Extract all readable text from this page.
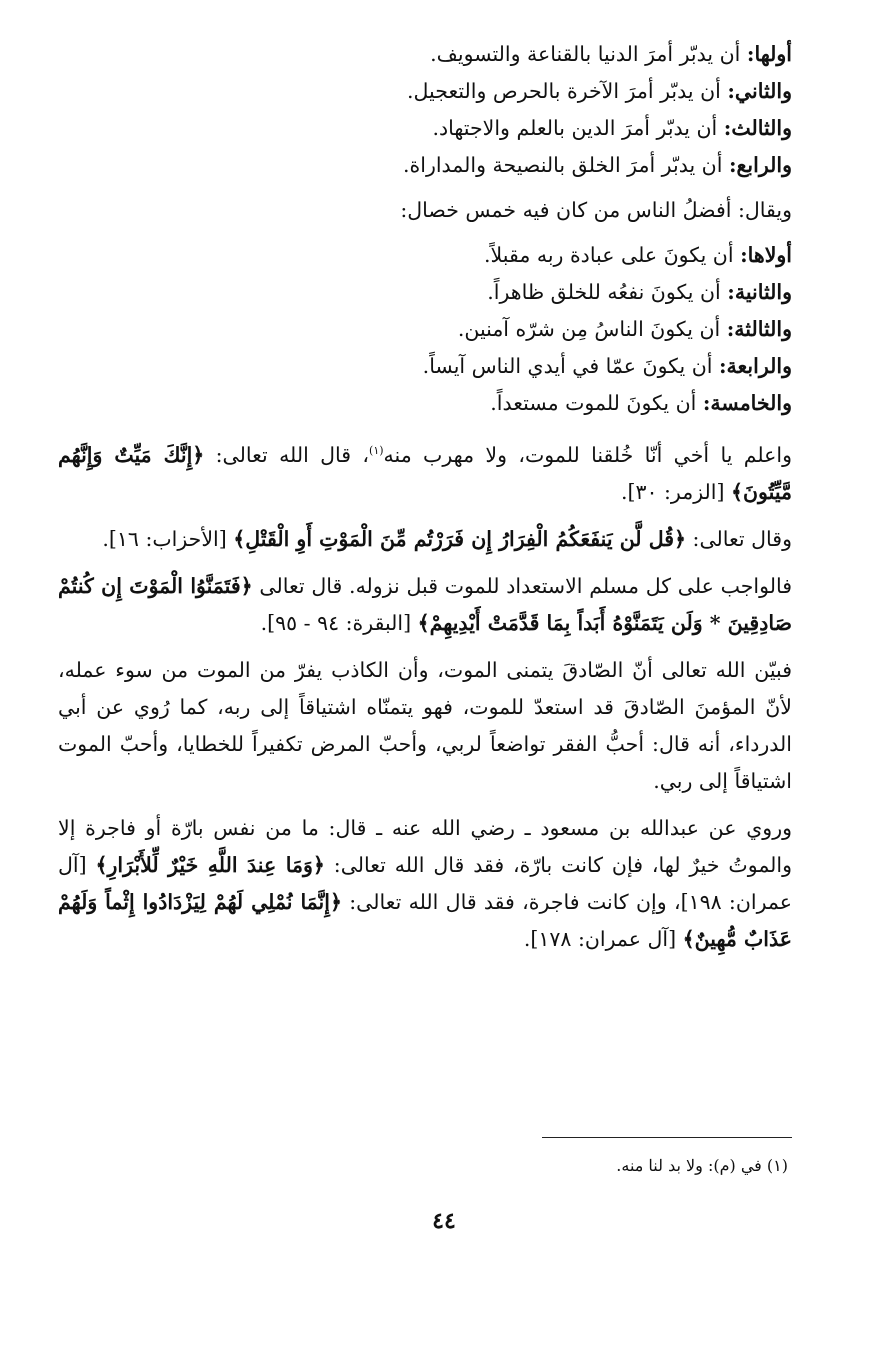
أولها: أن يدبّر أمرَ الدنيا بالقناعة والتسويف.
والثاني: أن يدبّر أمرَ الآخرة بالحرص والتعجيل.
والثالث: أن يدبّر أمرَ الدين بالعلم والاجتهاد.
والرابع: أن يدبّر أمرَ الخلق بالنصيحة والمداراة.
ويقال: أفضلُ الناس من كان فيه خمس خصال:
أولاها: أن يكونَ على عبادة ربه مقبلاً.
والثانية: أن يكونَ نفعُه للخلق ظاهراً.
والثالثة: أن يكونَ الناسُ مِن شرّه آمنين.
والرابعة: أن يكونَ عمّا في أيدي الناس آيساً.
والخامسة: أن يكونَ للموت مستعداً.

واعلم يا أخي أنّا خُلقنا للموت، ولا مهرب منه$^{(١)}$، قال الله تعالى: ﴿إِنَّكَ مَيِّتٌ وَإِنَّهُم مَّيِّتُونَ﴾ [الزمر: ٣٠].

وقال تعالى: ﴿قُل لَّن يَنفَعَكُمُ الْفِرَارُ إِن فَرَرْتُم مِّنَ الْمَوْتِ أَوِ الْقَتْلِ﴾ [الأحزاب: ١٦].

فالواجب على كل مسلم الاستعداد للموت قبل نزوله. قال تعالى ﴿فَتَمَنَّوُا الْمَوْتَ إِن كُنتُمْ صَادِقِينَ * وَلَن يَتَمَنَّوْهُ أَبَداً بِمَا قَدَّمَتْ أَيْدِيهِمْ﴾ [البقرة: ٩٤ - ٩٥].

فبيّن الله تعالى أنّ الصّادقَ يتمنى الموت، وأن الكاذب يفرّ من الموت من سوء عمله، لأنّ المؤمنَ الصّادقَ قد استعدّ للموت، فهو يتمنّاه اشتياقاً إلى ربه، كما رُوي عن أبي الدرداء، أنه قال: أحبُّ الفقر تواضعاً لربي، وأحبّ المرض تكفيراً للخطايا، وأحبّ الموت اشتياقاً إلى ربي.

وروي عن عبدالله بن مسعود ـ رضي الله عنه ـ قال: ما من نفس بارّة أو فاجرة إلا والموتُ خيرٌ لها، فإن كانت بارّة، فقد قال الله تعالى: ﴿وَمَا عِندَ اللَّهِ خَيْرٌ لِّلأَبْرَارِ﴾ [آل عمران: ١٩٨]، وإن كانت فاجرة، فقد قال الله تعالى: ﴿إِنَّمَا نُمْلِي لَهُمْ لِيَزْدَادُوا إِثْماً وَلَهُمْ عَذَابٌ مُّهِينٌ﴾ [آل عمران: ١٧٨].

(١) في (م): ولا بد لنا منه.
٤٤
